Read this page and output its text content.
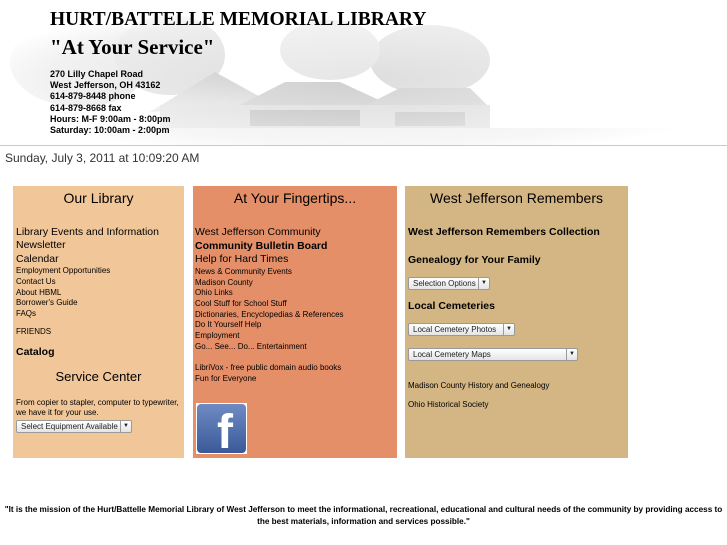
HURT/BATTELLE MEMORIAL LIBRARY
"At Your Service"
270 Lilly Chapel Road
West Jefferson, OH 43162
614-879-8448 phone
614-879-8668 fax
Hours: M-F 9:00am - 8:00pm
Saturday: 10:00am - 2:00pm
Sunday, July 3, 2011 at 10:09:20 AM
Our Library
Library Events and Information
Newsletter
Calendar
Employment Opportunities
Contact Us
About HBML
Borrower's Guide
FAQs
FRIENDS
Catalog
Service Center
From copier to stapler, computer to typewriter,
we have it for your use.
Select Equipment Available ▼
At Your Fingertips...
West Jefferson Community
Community Bulletin Board
Help for Hard Times
News & Community Events
Madison County
Ohio Links
Cool Stuff for School Stuff
Dictionaries, Encyclopedias & References
Do It Yourself Help
Employment
Go... See... Do... Entertainment
LibriVox - free public domain audio books
Fun for Everyone
f
West Jefferson Remembers
West Jefferson Remembers Collection
Genealogy for Your Family
Selection Options ▼
Local Cemeteries
Local Cemetery Photos	▼
Local Cemetery Maps	▼
Madison County History and Genealogy
Ohio Historical Society
"It is the mission of the Hurt/Battelle Memorial Library of West Jefferson to meet the informational, recreational, educational and cultural needs of the community by providing access to
the best materials, information and services possible."
